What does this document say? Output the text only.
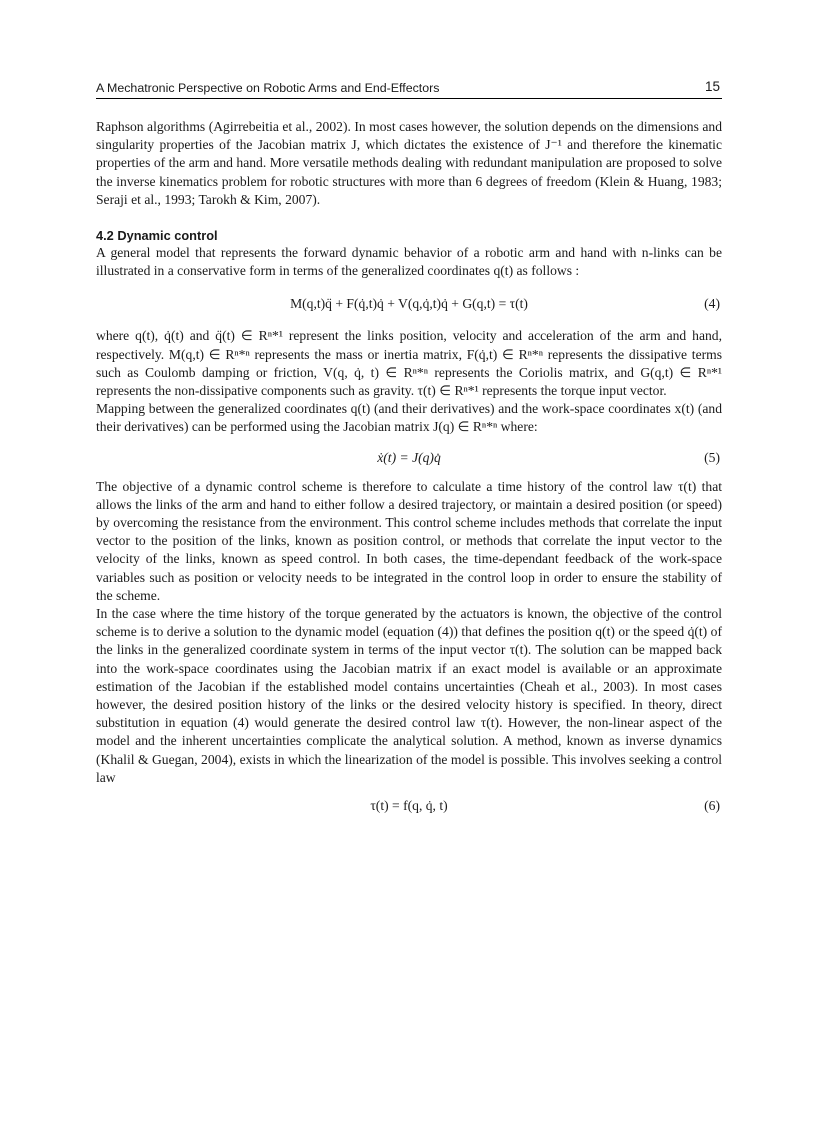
A Mechatronic Perspective on Robotic Arms and End-Effectors	15

Raphson algorithms (Agirrebeitia et al., 2002). In most cases however, the solution depends on the dimensions and singularity properties of the Jacobian matrix J, which dictates the existence of J⁻¹ and therefore the kinematic properties of the arm and hand. More versatile methods dealing with redundant manipulation are proposed to solve the inverse kinematics problem for robotic structures with more than 6 degrees of freedom (Klein & Huang, 1983; Seraji et al., 1993; Tarokh & Kim, 2007).

4.2 Dynamic control

A general model that represents the forward dynamic behavior of a robotic arm and hand with n-links can be illustrated in a conservative form in terms of the generalized coordinates q(t) as follows :

M(q,t)q̈ + F(q̇,t)q̇ + V(q,q̇,t)q̇ + G(q,t) = τ(t)	(4)

where q(t), q̇(t) and q̈(t) ∈ Rⁿ*¹ represent the links position, velocity and acceleration of the arm and hand, respectively. M(q,t) ∈ Rⁿ*ⁿ represents the mass or inertia matrix, F(q̇,t) ∈ Rⁿ*ⁿ represents the dissipative terms such as Coulomb damping or friction, V(q, q̇, t) ∈ Rⁿ*ⁿ represents the Coriolis matrix, and G(q,t) ∈ Rⁿ*¹ represents the non-dissipative components such as gravity. τ(t) ∈ Rⁿ*¹ represents the torque input vector.

Mapping between the generalized coordinates q(t) (and their derivatives) and the work-space coordinates x(t) (and their derivatives) can be performed using the Jacobian matrix J(q) ∈ Rⁿ*ⁿ where:

ẋ(t) = J(q)q̇	(5)

The objective of a dynamic control scheme is therefore to calculate a time history of the control law τ(t) that allows the links of the arm and hand to either follow a desired trajectory, or maintain a desired position (or speed) by overcoming the resistance from the environment. This control scheme includes methods that correlate the input vector to the position of the links, known as position control, or methods that correlate the input vector to the velocity of the links, known as speed control. In both cases, the time-dependant feedback of the work-space variables such as position or velocity needs to be integrated in the control loop in order to ensure the stability of the scheme.

In the case where the time history of the torque generated by the actuators is known, the objective of the control scheme is to derive a solution to the dynamic model (equation (4)) that defines the position q(t) or the speed q̇(t) of the links in the generalized coordinate system in terms of the input vector τ(t). The solution can be mapped back into the work-space coordinates using the Jacobian matrix if an exact model is available or an approximate estimation of the Jacobian if the established model contains uncertainties (Cheah et al., 2003). In most cases however, the desired position history of the links or the desired velocity history is specified. In theory, direct substitution in equation (4) would generate the desired control law τ(t). However, the non-linear aspect of the model and the inherent uncertainties complicate the analytical solution. A method, known as inverse dynamics (Khalil & Guegan, 2004), exists in which the linearization of the model is possible. This involves seeking a control law

τ(t) = f(q, q̇, t)	(6)
